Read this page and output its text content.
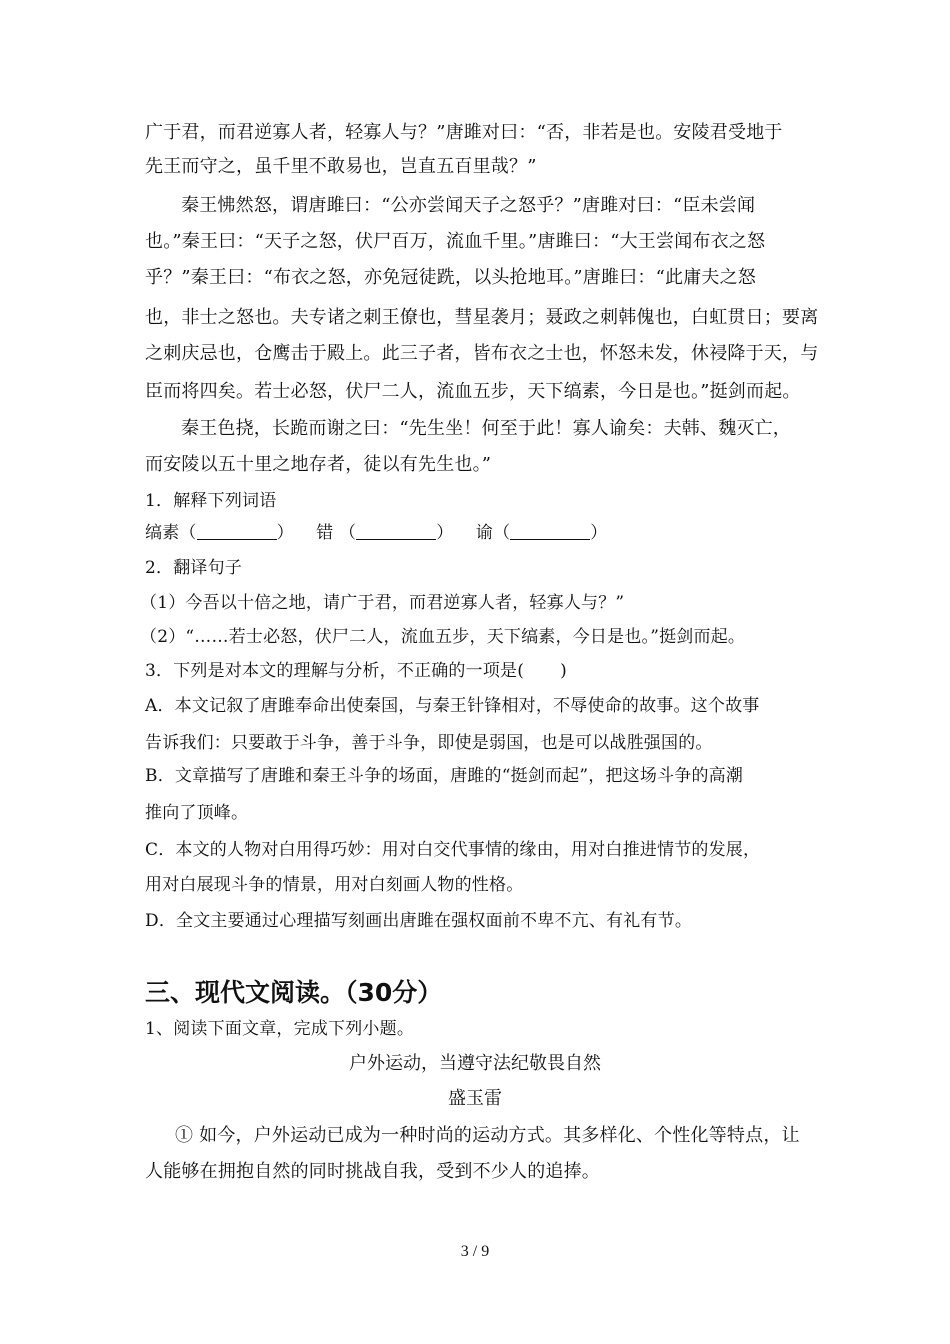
广于君，而君逆寡人者，轻寡人与？”唐雎对曰：“否，非若是也。安陵君受地于
先王而守之，虽千里不敢易也，岂直五百里哉？”
秦王怫然怒，谓唐雎曰：“公亦尝闻天子之怒乎？”唐雎对曰：“臣未尝闻
也。”秦王曰：“天子之怒，伏尸百万，流血千里。”唐雎曰：“大王尝闻布衣之怒
乎？”秦王曰：“布衣之怒，亦免冠徒跣，以头抢地耳。”唐雎曰：“此庸夫之怒
也，非士之怒也。夫专诸之刺王僚也，彗星袭月；聂政之刺韩傀也，白虹贯日；要离
之刺庆忌也，仓鹰击于殿上。此三子者，皆布衣之士也，怀怒未发，休祲降于天，与
臣而将四矣。若士必怒，伏尸二人，流血五步，天下缟素，今日是也。”挺剑而起。
秦王色挠，长跪而谢之曰：“先生坐！何至于此！寡人谕矣：夫韩、魏灭亡，
而安陵以五十里之地存者，徒以有先生也。”
1．解释下列词语
缟素（	） 错 （	） 谕（	）
2．翻译句子
（1）今吾以十倍之地，请广于君，而君逆寡人者，轻寡人与？”
（2）“……若士必怒，伏尸二人，流血五步，天下缟素，今日是也。”挺剑而起。
3．下列是对本文的理解与分析，不正确的一项是( )
A．本文记叙了唐雎奉命出使秦国，与秦王针锋相对，不辱使命的故事。这个故事
告诉我们：只要敢于斗争，善于斗争，即使是弱国，也是可以战胜强国的。
B．文章描写了唐雎和秦王斗争的场面，唐雎的“挺剑而起”，把这场斗争的高潮
推向了顶峰。
C．本文的人物对白用得巧妙：用对白交代事情的缘由，用对白推进情节的发展，
用对白展现斗争的情景，用对白刻画人物的性格。
D．全文主要通过心理描写刻画出唐雎在强权面前不卑不亢、有礼有节。
三、现代文阅读。（30分）
1、阅读下面文章，完成下列小题。
户外运动，当遵守法纪敬畏自然
盛玉雷
① 如今，户外运动已成为一种时尚的运动方式。其多样化、个性化等特点，让
人能够在拥抱自然的同时挑战自我，受到不少人的追捧。
3 / 9
